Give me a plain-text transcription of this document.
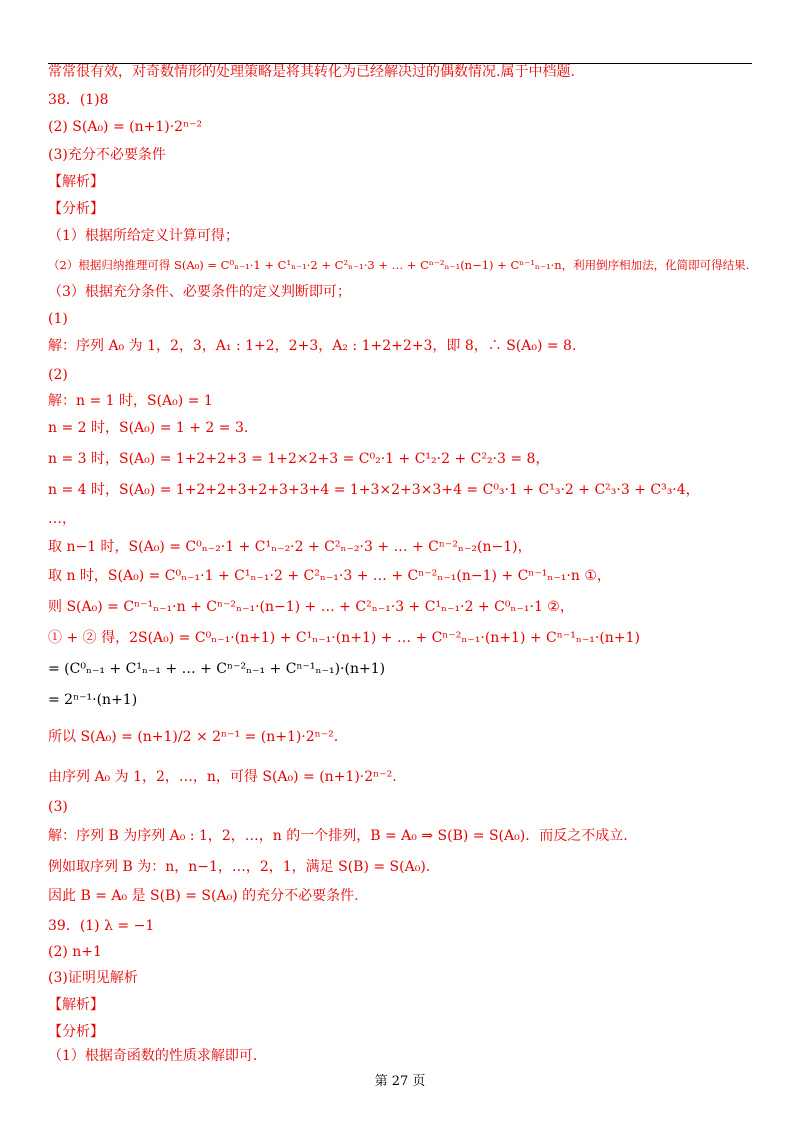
常常很有效，对奇数情形的处理策略是将其转化为已经解决过的偶数情况.属于中档题.
38．(1)8
(2) S(A₀) = (n+1)·2ⁿ⁻²
(3)充分不必要条件
【解析】
【分析】
（1）根据所给定义计算可得；
（2）根据归纳推理可得 S(A₀) = C⁰ₙ₋₁·1 + C¹ₙ₋₁·2 + C²ₙ₋₁·3 + … + Cⁿ⁻²ₙ₋₁(n−1) + Cⁿ⁻¹ₙ₋₁·n，利用倒序相加法，化简即可得结果.
（3）根据充分条件、必要条件的定义判断即可；
(1)
解：序列 A₀ 为 1，2，3，A₁ : 1+2，2+3，A₂ : 1+2+2+3，即 8，∴ S(A₀) = 8.
(2)
解：n = 1 时，S(A₀) = 1
n = 2 时，S(A₀) = 1 + 2 = 3.
n = 3 时，S(A₀) = 1+2+2+3 = 1+2×2+3 = C⁰₂·1 + C¹₂·2 + C²₂·3 = 8，
n = 4 时，S(A₀) = 1+2+2+3+2+3+3+4 = 1+3×2+3×3+4 = C⁰₃·1 + C¹₃·2 + C²₃·3 + C³₃·4，
…，
取 n−1 时，S(A₀) = C⁰ₙ₋₂·1 + C¹ₙ₋₂·2 + C²ₙ₋₂·3 + … + Cⁿ⁻²ₙ₋₂(n−1)，
取 n 时，S(A₀) = C⁰ₙ₋₁·1 + C¹ₙ₋₁·2 + C²ₙ₋₁·3 + … + Cⁿ⁻²ₙ₋₁(n−1) + Cⁿ⁻¹ₙ₋₁·n ①，
则 S(A₀) = Cⁿ⁻¹ₙ₋₁·n + Cⁿ⁻²ₙ₋₁·(n−1) + … + C²ₙ₋₁·3 + C¹ₙ₋₁·2 + C⁰ₙ₋₁·1 ②，
① + ② 得，2S(A₀) = C⁰ₙ₋₁·(n+1) + C¹ₙ₋₁·(n+1) + … + Cⁿ⁻²ₙ₋₁·(n+1) + Cⁿ⁻¹ₙ₋₁·(n+1)
= (C⁰ₙ₋₁ + C¹ₙ₋₁ + … + Cⁿ⁻²ₙ₋₁ + Cⁿ⁻¹ₙ₋₁)·(n+1)
= 2ⁿ⁻¹·(n+1)
所以 S(A₀) = (n+1)/2 × 2ⁿ⁻¹ = (n+1)·2ⁿ⁻².
由序列 A₀ 为 1，2，…，n，可得 S(A₀) = (n+1)·2ⁿ⁻².
(3)
解：序列 B 为序列 A₀ : 1，2，…，n 的一个排列，B = A₀ ⇒ S(B) = S(A₀)．而反之不成立.
例如取序列 B 为：n，n−1，…，2，1，满足 S(B) = S(A₀).
因此 B = A₀ 是 S(B) = S(A₀) 的充分不必要条件.
39．(1) λ = −1
(2) n+1
(3)证明见解析
【解析】
【分析】
（1）根据奇函数的性质求解即可.
第 27 页
